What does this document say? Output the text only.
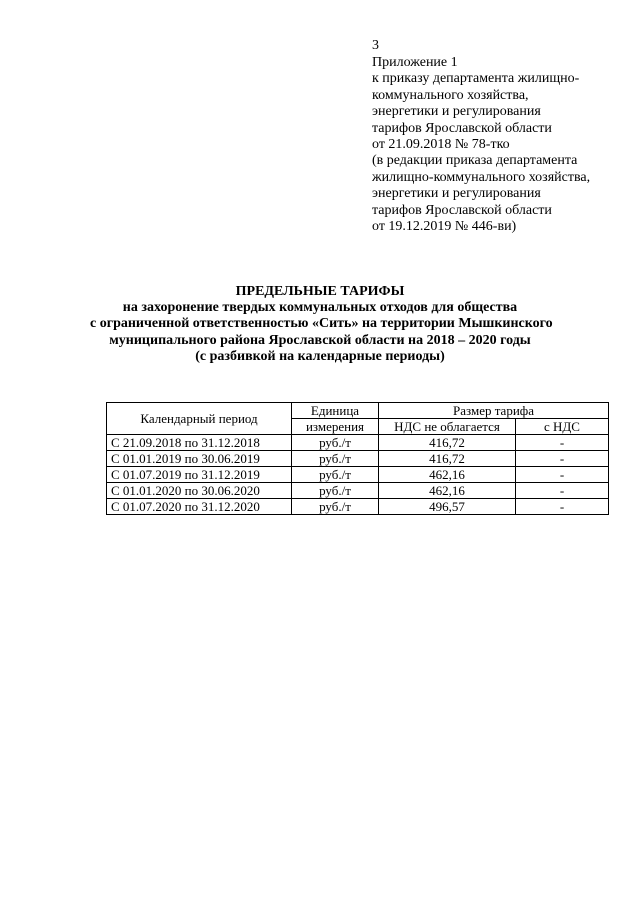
3
Приложение 1
к приказу департамента жилищно-
коммунального хозяйства,
энергетики и регулирования
тарифов Ярославской области
от 21.09.2018 № 78-тко
(в редакции приказа департамента
жилищно-коммунального хозяйства,
энергетики и регулирования
тарифов Ярославской области
от 19.12.2019 № 446-ви)
ПРЕДЕЛЬНЫЕ ТАРИФЫ
на захоронение твердых коммунальных отходов для общества
с ограниченной ответственностью «Сить» на территории Мышкинского
муниципального района Ярославской области на 2018 – 2020 годы
(с разбивкой на календарные периоды)
Календарный период	Единица	Размер тарифа	
	измерения	НДС не облагается	с НДС
С 21.09.2018 по 31.12.2018	руб./т	416,72	-
С 01.01.2019 по 30.06.2019	руб./т	416,72	-
С 01.07.2019 по 31.12.2019	руб./т	462,16	-
С 01.01.2020 по 30.06.2020	руб./т	462,16	-
С 01.07.2020 по 31.12.2020	руб./т	496,57	-
